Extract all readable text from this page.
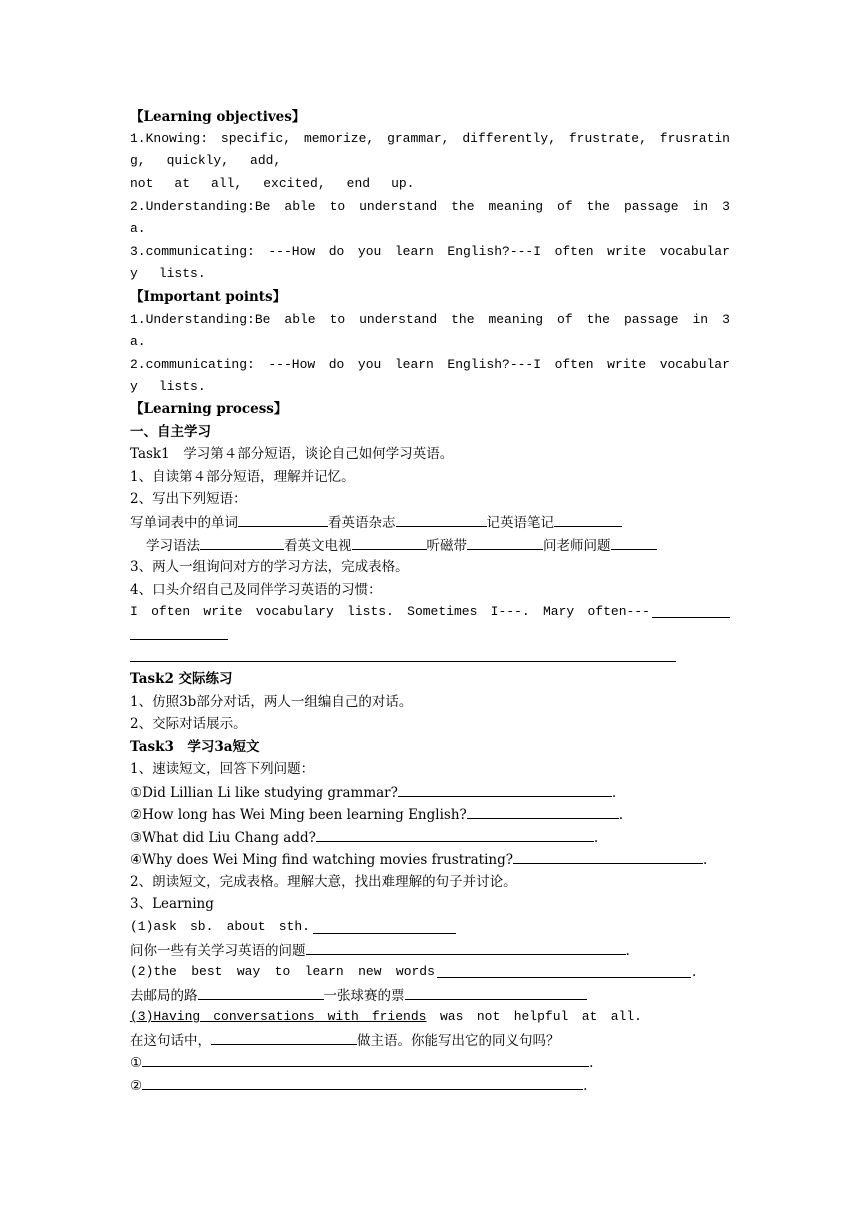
【Learning objectives】
1.Knowing: specific, memorize, grammar, differently, frustrate, frusratin
g, quickly, add,
not at all, excited, end up.
2.Understanding:Be able to understand the meaning of the passage in 3
a.
3.communicating: ---How do you learn English?---I often write vocabular
y lists.
【Important points】
1.Understanding:Be able to understand the meaning of the passage in 3
a.
2.communicating: ---How do you learn English?---I often write vocabular
y lists.
【Learning process】
一、自主学习
Task1　学习第４部分短语，谈论自己如何学习英语。
1、自读第４部分短语，理解并记忆。
2、写出下列短语：
写单词表中的单词	看英语杂志	记英语笔记
学习语法	看英文电视	听磁带	问老师问题
3、两人一组询问对方的学习方法，完成表格。
4、口头介绍自己及同伴学习英语的习惯：
I often write vocabulary lists. Sometimes I---. Mary often---
Task2 交际练习
1、仿照3b部分对话，两人一组编自己的对话。
2、交际对话展示。
Task3　学习3a短文
1、速读短文，回答下列问题：
①Did Lillian Li like studying grammar?	.
②How long has Wei Ming been learning English?	.
③What did Liu Chang add?	.
④Why does Wei Ming find watching movies frustrating?	.
2、朗读短文，完成表格。理解大意，找出难理解的句子并讨论。
3、Learning
(1)ask sb. about sth.
问你一些有关学习英语的问题	.
(2)the best way to learn new words	.
去邮局的路	一张球赛的票
(3)Having　conversations　with　friends	was not helpful at all.
在这句话中，	做主语。你能写出它的同义句吗？
①	.
②	.
